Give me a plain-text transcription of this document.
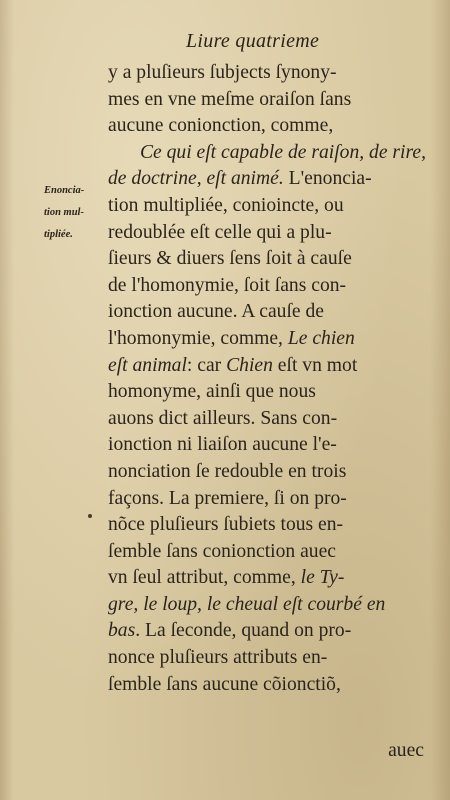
Liure quatrieme
Enoncia-
tion mul-
tipliée.
y a pluſieurs ſubjects ſynony-
mes en vne meſme oraiſon ſans
aucune conionction, comme,
Ce qui eſt capable de raiſon, de rire,
de doctrine, eſt animé. L'enoncia-
tion multipliée, conioincte, ou
redoublée eſt celle qui a plu-
ſieurs & diuers ſens ſoit à cauſe
de l'homonymie, ſoit ſans con-
ionction aucune. A cauſe de
l'homonymie, comme, Le chien
eſt animal: car Chien eſt vn mot
homonyme, ainſi que nous
auons dict ailleurs. Sans con-
ionction ni liaiſon aucune l'e-
nonciation ſe redouble en trois
façons. La premiere, ſi on pro-
nõce pluſieurs ſubiets tous en-
ſemble ſans conionction auec
vn ſeul attribut, comme, le Ty-
gre, le loup, le cheual eſt courbé en
bas. La ſeconde, quand on pro-
nonce pluſieurs attributs en-
ſemble ſans aucune cõionctiõ,
auec
